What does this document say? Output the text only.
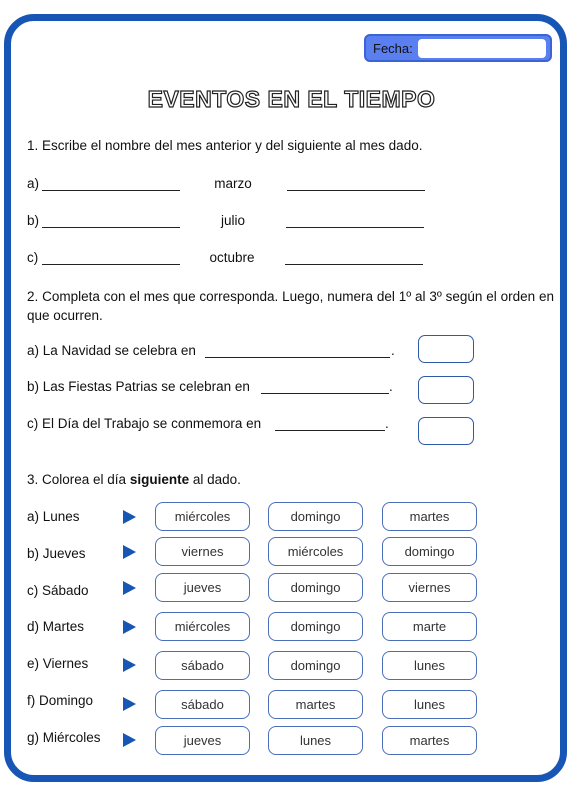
Fecha:
EVENTOS EN EL TIEMPO
1. Escribe el nombre del mes anterior y del siguiente al mes dado.
a)	marzo
b)	julio
c)	octubre
2. Completa con el mes que corresponda. Luego, numera del 1º al 3º según el orden en que ocurren.
a) La Navidad se celebra en	.
b) Las Fiestas Patrias se celebran en	.
c) El Día del Trabajo se conmemora en	.
3. Colorea el día siguiente al dado.
a) Lunes	miércoles	domingo	martes
b) Jueves	viernes	miércoles	domingo
c) Sábado	jueves	domingo	viernes
d) Martes	miércoles	domingo	marte
e) Viernes	sábado	domingo	lunes
f) Domingo	sábado	martes	lunes
g) Miércoles	jueves	lunes	martes
